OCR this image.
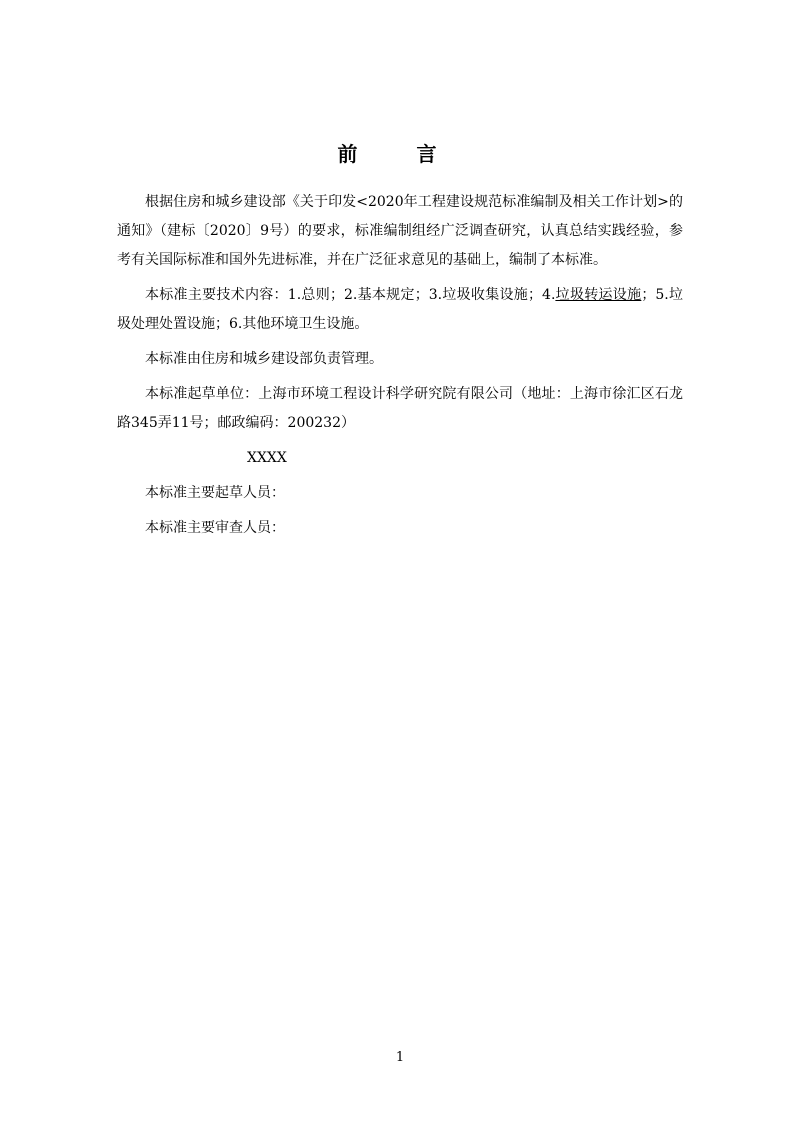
前 言

根据住房和城乡建设部《关于印发<2020年工程建设规范标准编制及相关工作计划>的通知》（建标〔2020〕9号）的要求，标准编制组经广泛调查研究，认真总结实践经验，参考有关国际标准和国外先进标准，并在广泛征求意见的基础上，编制了本标准。

本标准主要技术内容：1.总则；2.基本规定；3.垃圾收集设施；4.垃圾转运设施；5.垃圾处理处置设施；6.其他环境卫生设施。

本标准由住房和城乡建设部负责管理。

本标准起草单位：上海市环境工程设计科学研究院有限公司（地址：上海市徐汇区石龙路345弄11号；邮政编码：200232）

XXXX

本标准主要起草人员：

本标准主要审查人员：

1
